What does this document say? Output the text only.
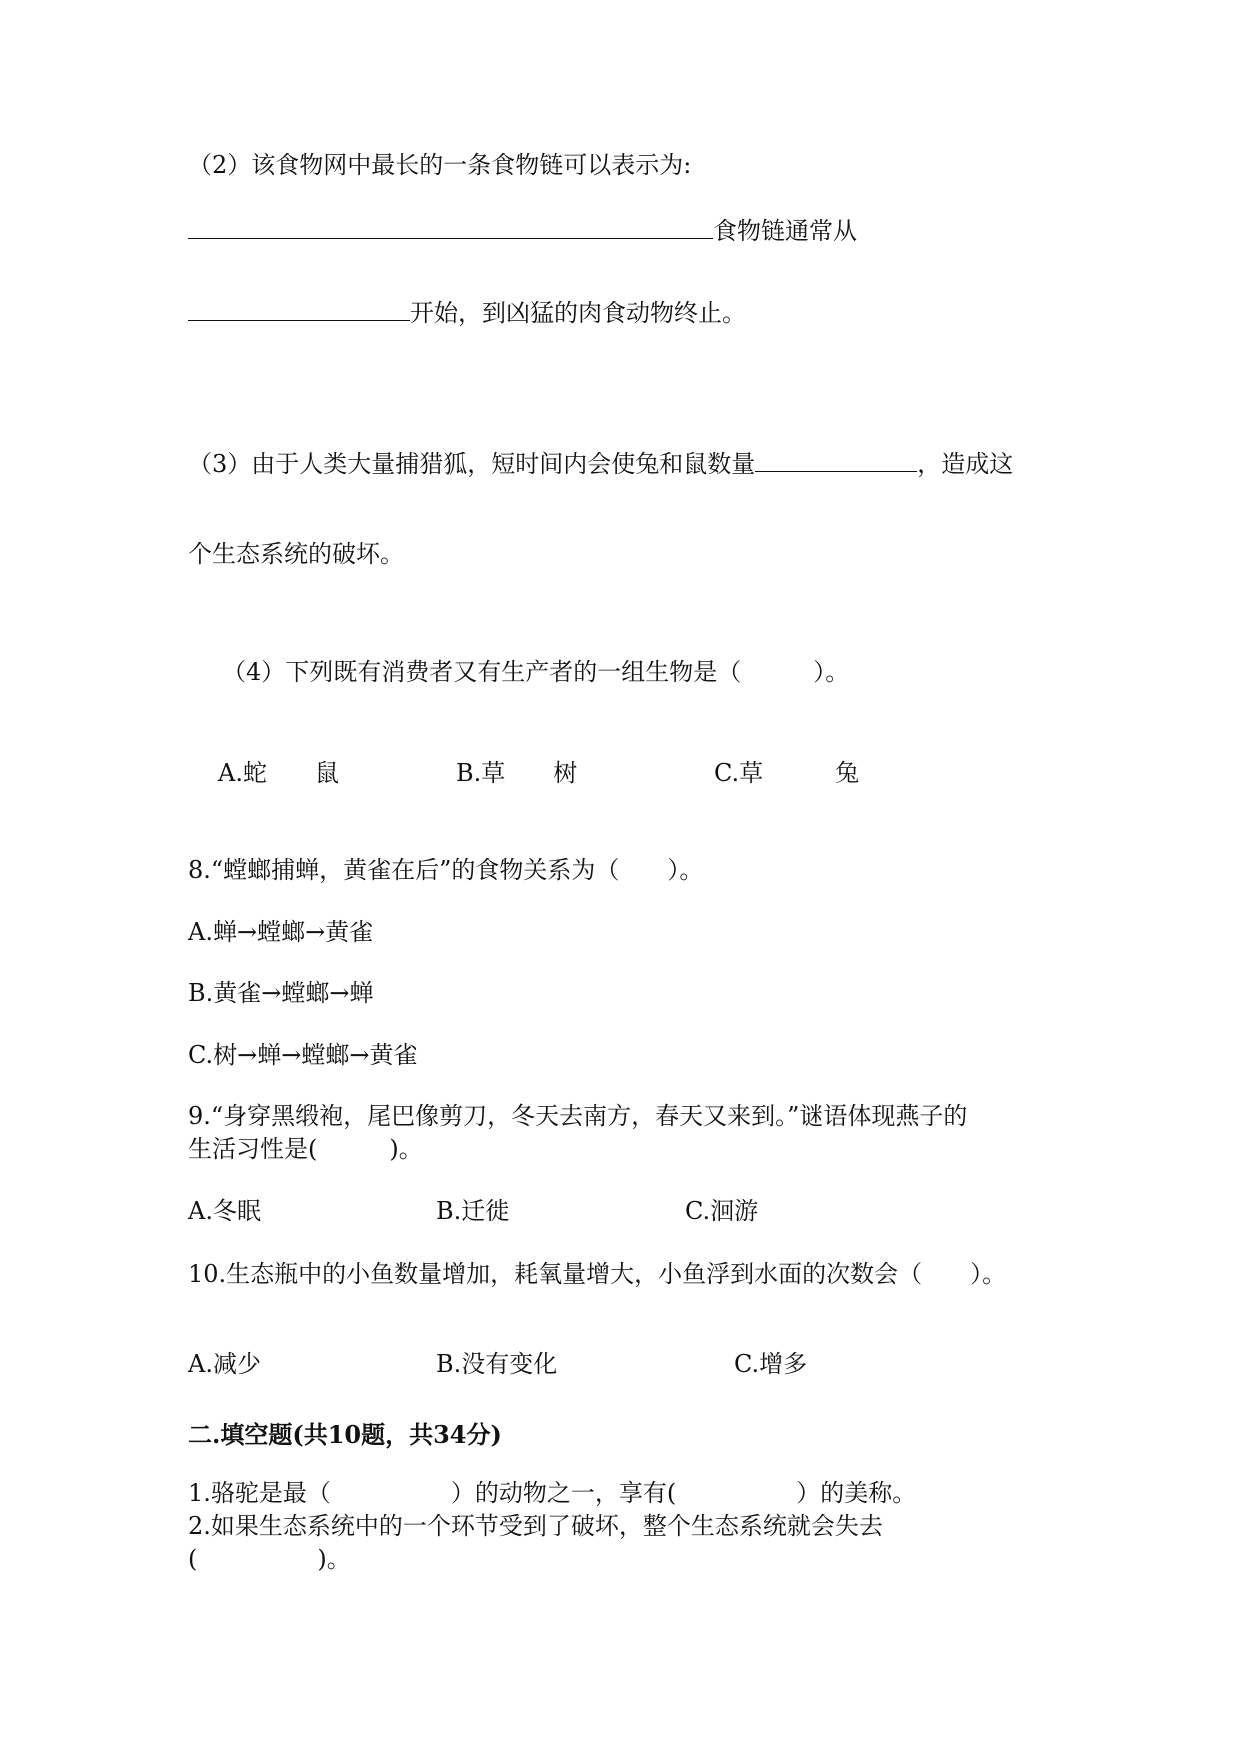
（2）该食物网中最长的一条食物链可以表示为:
食物链通常从
开始，到凶猛的肉食动物终止。
（3）由于人类大量捕猎狐，短时间内会使兔和鼠数量	，造成这
个生态系统的破坏。
（4）下列既有消费者又有生产者的一组生物是（　　　）。
A.蛇　　鼠	B.草　　树	C.草　　　兔
8.“螳螂捕蝉，黄雀在后”的食物关系为（　　）。
A.蝉→螳螂→黄雀
B.黄雀→螳螂→蝉
C.树→蝉→螳螂→黄雀
9.“身穿黑缎袍，尾巴像剪刀，冬天去南方，春天又来到。”谜语体现燕子的
生活习性是(　　　)。
A.冬眠	B.迁徙	C.洄游
10.生态瓶中的小鱼数量增加，耗氧量增大，小鱼浮到水面的次数会（　　）。
A.减少	B.没有变化	C.增多
二.填空题(共10题，共34分)
1.骆驼是最（　　　　　）的动物之一，享有(　　　　　）的美称。
2.如果生态系统中的一个环节受到了破坏，整个生态系统就会失去
(　　　　　)。
